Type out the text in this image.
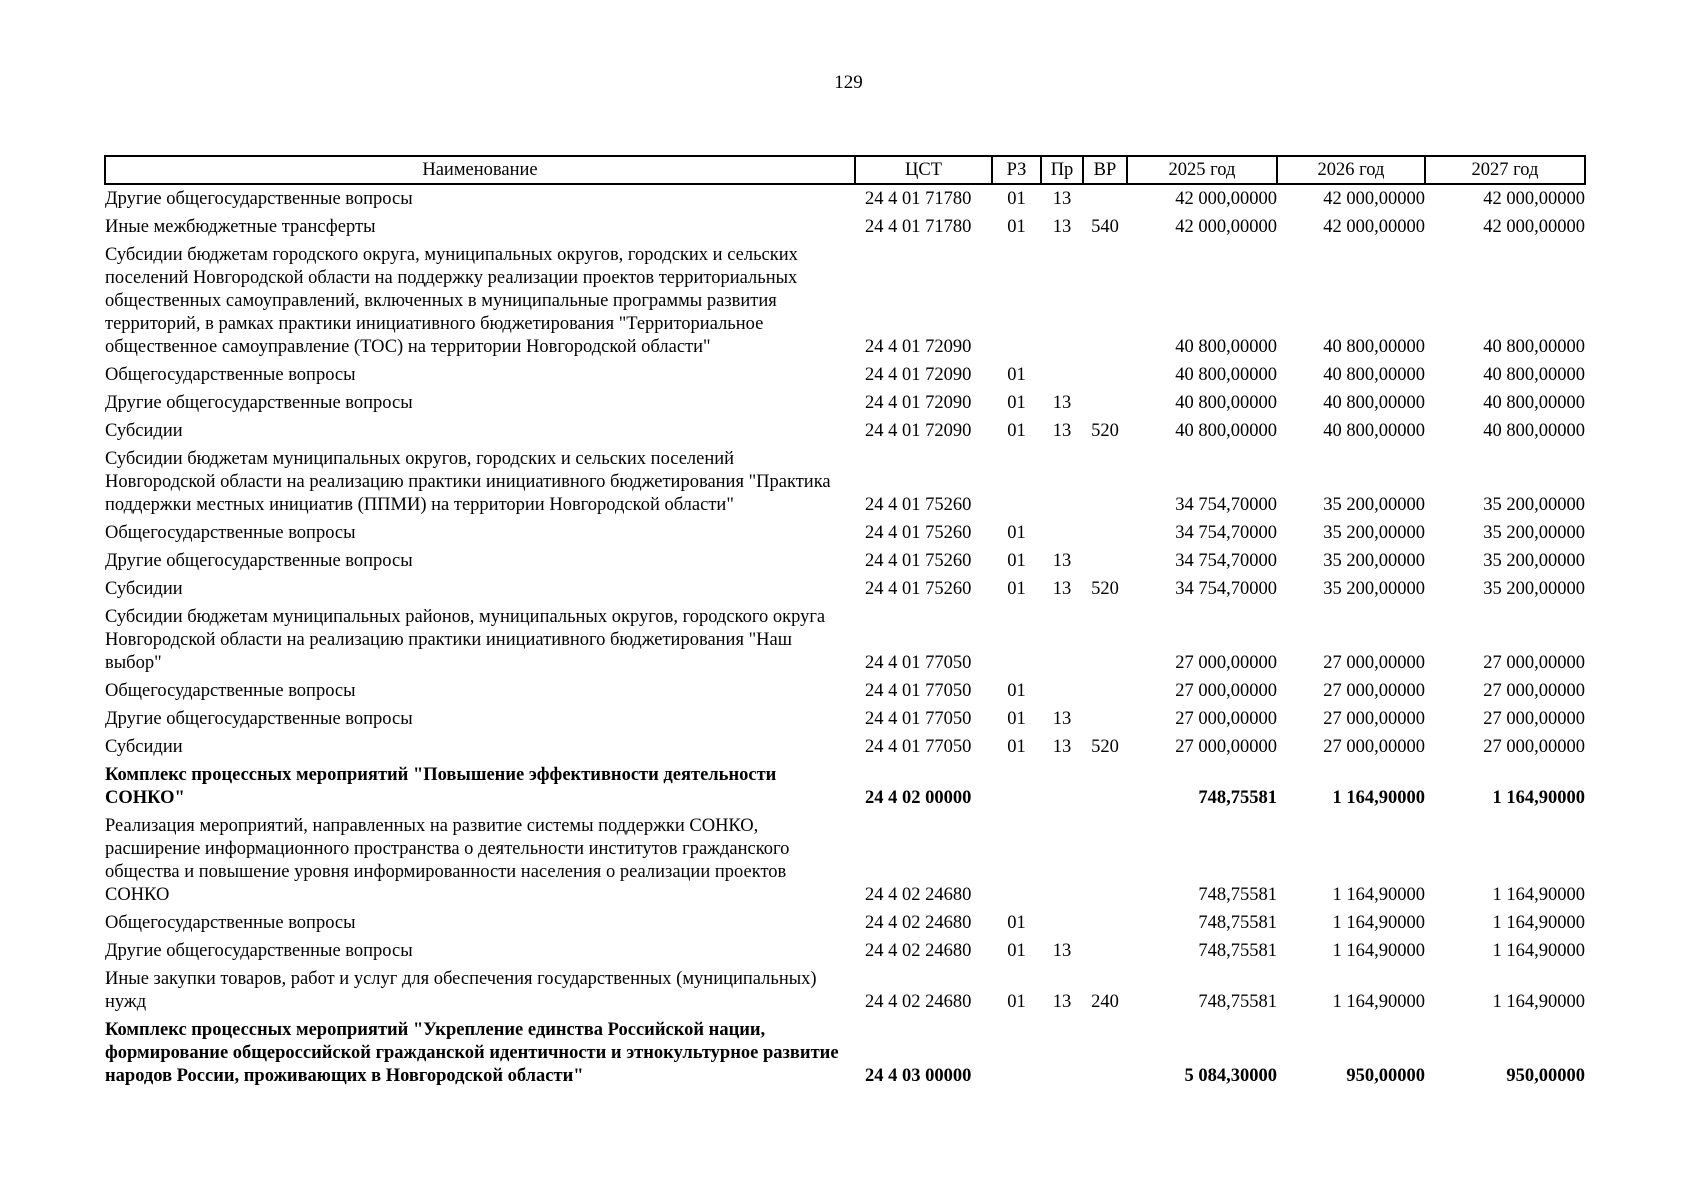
129
Наименование	ЦСТ	РЗ	Пр	ВР	2025 год	2026 год	2027 год
Другие общегосударственные вопросы	24 4 01 71780	01	13		42 000,00000	42 000,00000	42 000,00000
Иные межбюджетные трансферты	24 4 01 71780	01	13	540	42 000,00000	42 000,00000	42 000,00000
Субсидии бюджетам городского округа, муниципальных округов, городских и сельских поселений Новгородской области на поддержку реализации проектов территориальных общественных самоуправлений, включенных в муниципальные программы развития территорий, в рамках практики инициативного бюджетирования "Территориальное общественное самоуправление (ТОС) на территории Новгородской области"	24 4 01 72090				40 800,00000	40 800,00000	40 800,00000
Общегосударственные вопросы	24 4 01 72090	01			40 800,00000	40 800,00000	40 800,00000
Другие общегосударственные вопросы	24 4 01 72090	01	13		40 800,00000	40 800,00000	40 800,00000
Субсидии	24 4 01 72090	01	13	520	40 800,00000	40 800,00000	40 800,00000
Субсидии бюджетам муниципальных округов, городских и сельских поселений Новгородской области на реализацию практики инициативного бюджетирования "Практика поддержки местных инициатив (ППМИ) на территории Новгородской области"	24 4 01 75260				34 754,70000	35 200,00000	35 200,00000
Общегосударственные вопросы	24 4 01 75260	01			34 754,70000	35 200,00000	35 200,00000
Другие общегосударственные вопросы	24 4 01 75260	01	13		34 754,70000	35 200,00000	35 200,00000
Субсидии	24 4 01 75260	01	13	520	34 754,70000	35 200,00000	35 200,00000
Субсидии бюджетам муниципальных районов, муниципальных округов, городского округа Новгородской области на реализацию практики инициативного бюджетирования "Наш выбор"	24 4 01 77050				27 000,00000	27 000,00000	27 000,00000
Общегосударственные вопросы	24 4 01 77050	01			27 000,00000	27 000,00000	27 000,00000
Другие общегосударственные вопросы	24 4 01 77050	01	13		27 000,00000	27 000,00000	27 000,00000
Субсидии	24 4 01 77050	01	13	520	27 000,00000	27 000,00000	27 000,00000
Комплекс процессных мероприятий "Повышение эффективности деятельности СОНКО"	24 4 02 00000				748,75581	1 164,90000	1 164,90000
Реализация мероприятий, направленных на развитие системы поддержки СОНКО, расширение информационного пространства о деятельности институтов гражданского общества и повышение уровня информированности населения о реализации проектов СОНКО	24 4 02 24680				748,75581	1 164,90000	1 164,90000
Общегосударственные вопросы	24 4 02 24680	01			748,75581	1 164,90000	1 164,90000
Другие общегосударственные вопросы	24 4 02 24680	01	13		748,75581	1 164,90000	1 164,90000
Иные закупки товаров, работ и услуг для обеспечения государственных (муниципальных) нужд	24 4 02 24680	01	13	240	748,75581	1 164,90000	1 164,90000
Комплекс процессных мероприятий "Укрепление единства Российской нации, формирование общероссийской гражданской идентичности и этнокультурное развитие народов России, проживающих в Новгородской области"	24 4 03 00000				5 084,30000	950,00000	950,00000
